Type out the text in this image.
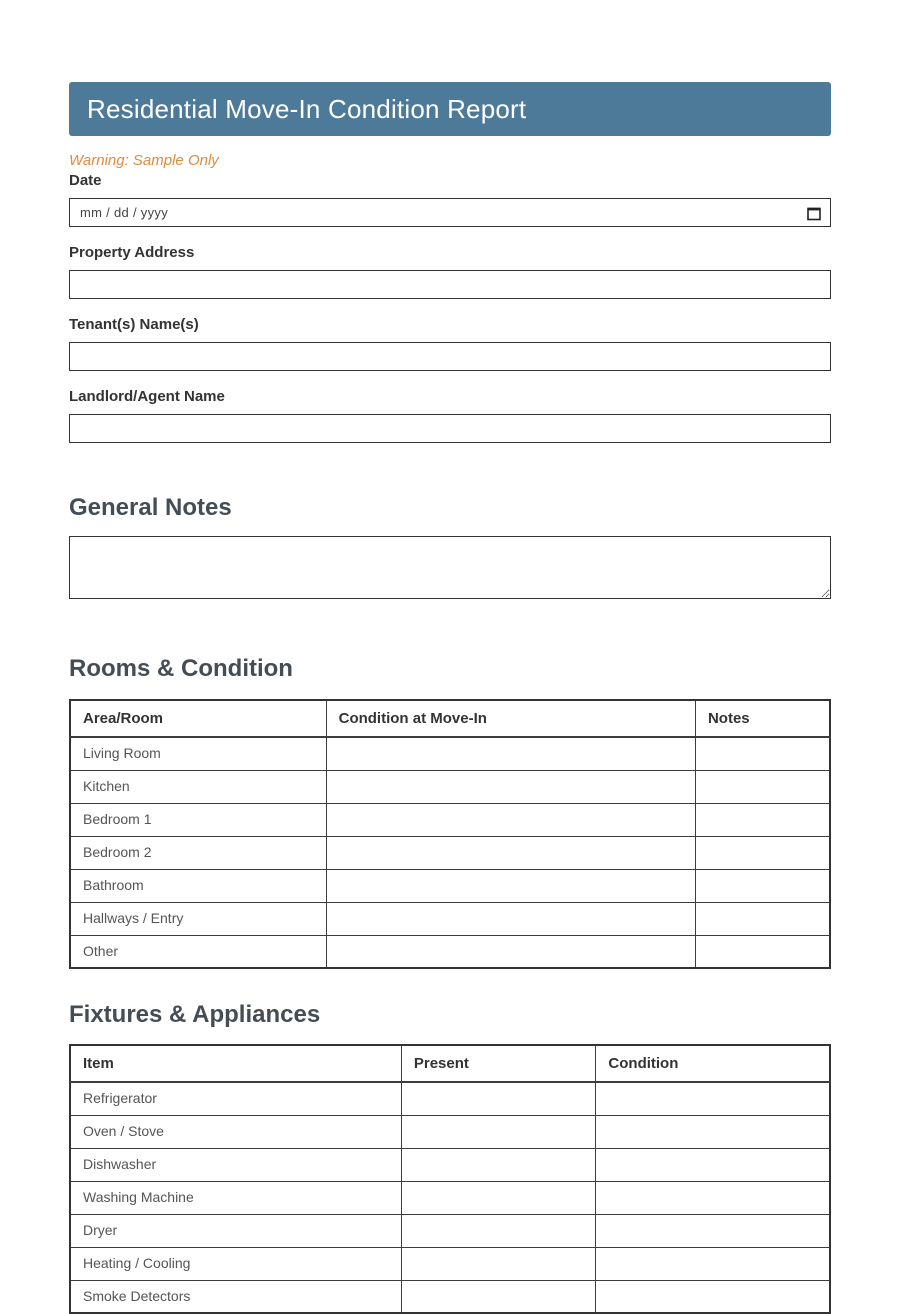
Residential Move-In Condition Report

Warning: Sample Only

Date
mm / dd / yyyy
Property Address
Tenant(s) Name(s)
Landlord/Agent Name
General Notes
Rooms & Condition
Area/Room	Condition at Move-In	Notes
Living Room		
Kitchen		
Bedroom 1		
Bedroom 2		
Bathroom		
Hallways / Entry		
Other		
Fixtures & Appliances
Item	Present	Condition
Refrigerator		
Oven / Stove		
Dishwasher		
Washing Machine		
Dryer		
Heating / Cooling		
Smoke Detectors		
